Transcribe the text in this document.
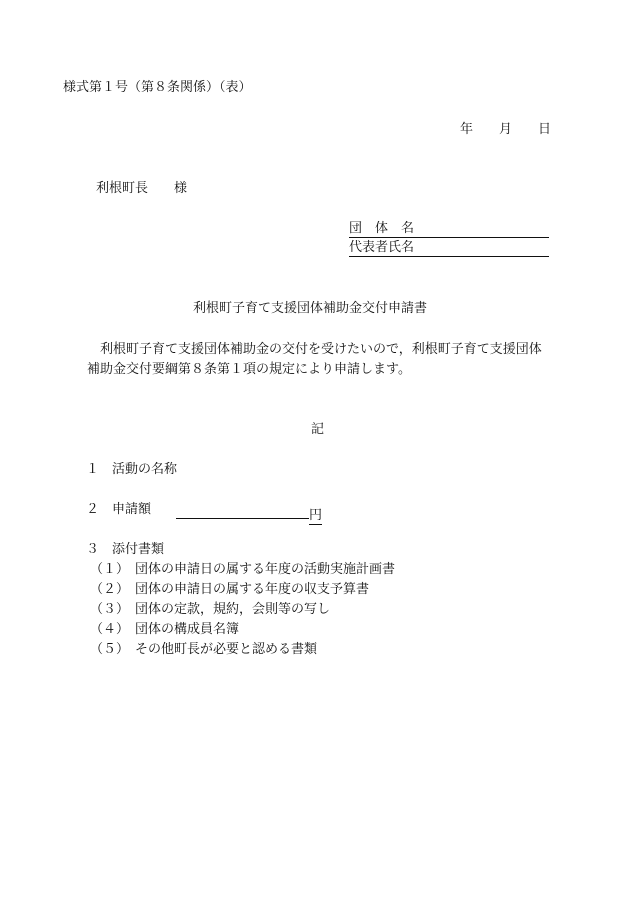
様式第１号（第８条関係）（表）
年 月 日
利根町長 様
団 体 名
代表者氏名
利根町子育て支援団体補助金交付申請書
利根町子育て支援団体補助金の交付を受けたいので，利根町子育て支援団体
補助金交付要綱第８条第１項の規定により申請します。
記
１ 活動の名称
２ 申請額	円
３ 添付書類
（１） 団体の申請日の属する年度の活動実施計画書
（２） 団体の申請日の属する年度の収支予算書
（３） 団体の定款，規約，会則等の写し
（４） 団体の構成員名簿
（５） その他町長が必要と認める書類
